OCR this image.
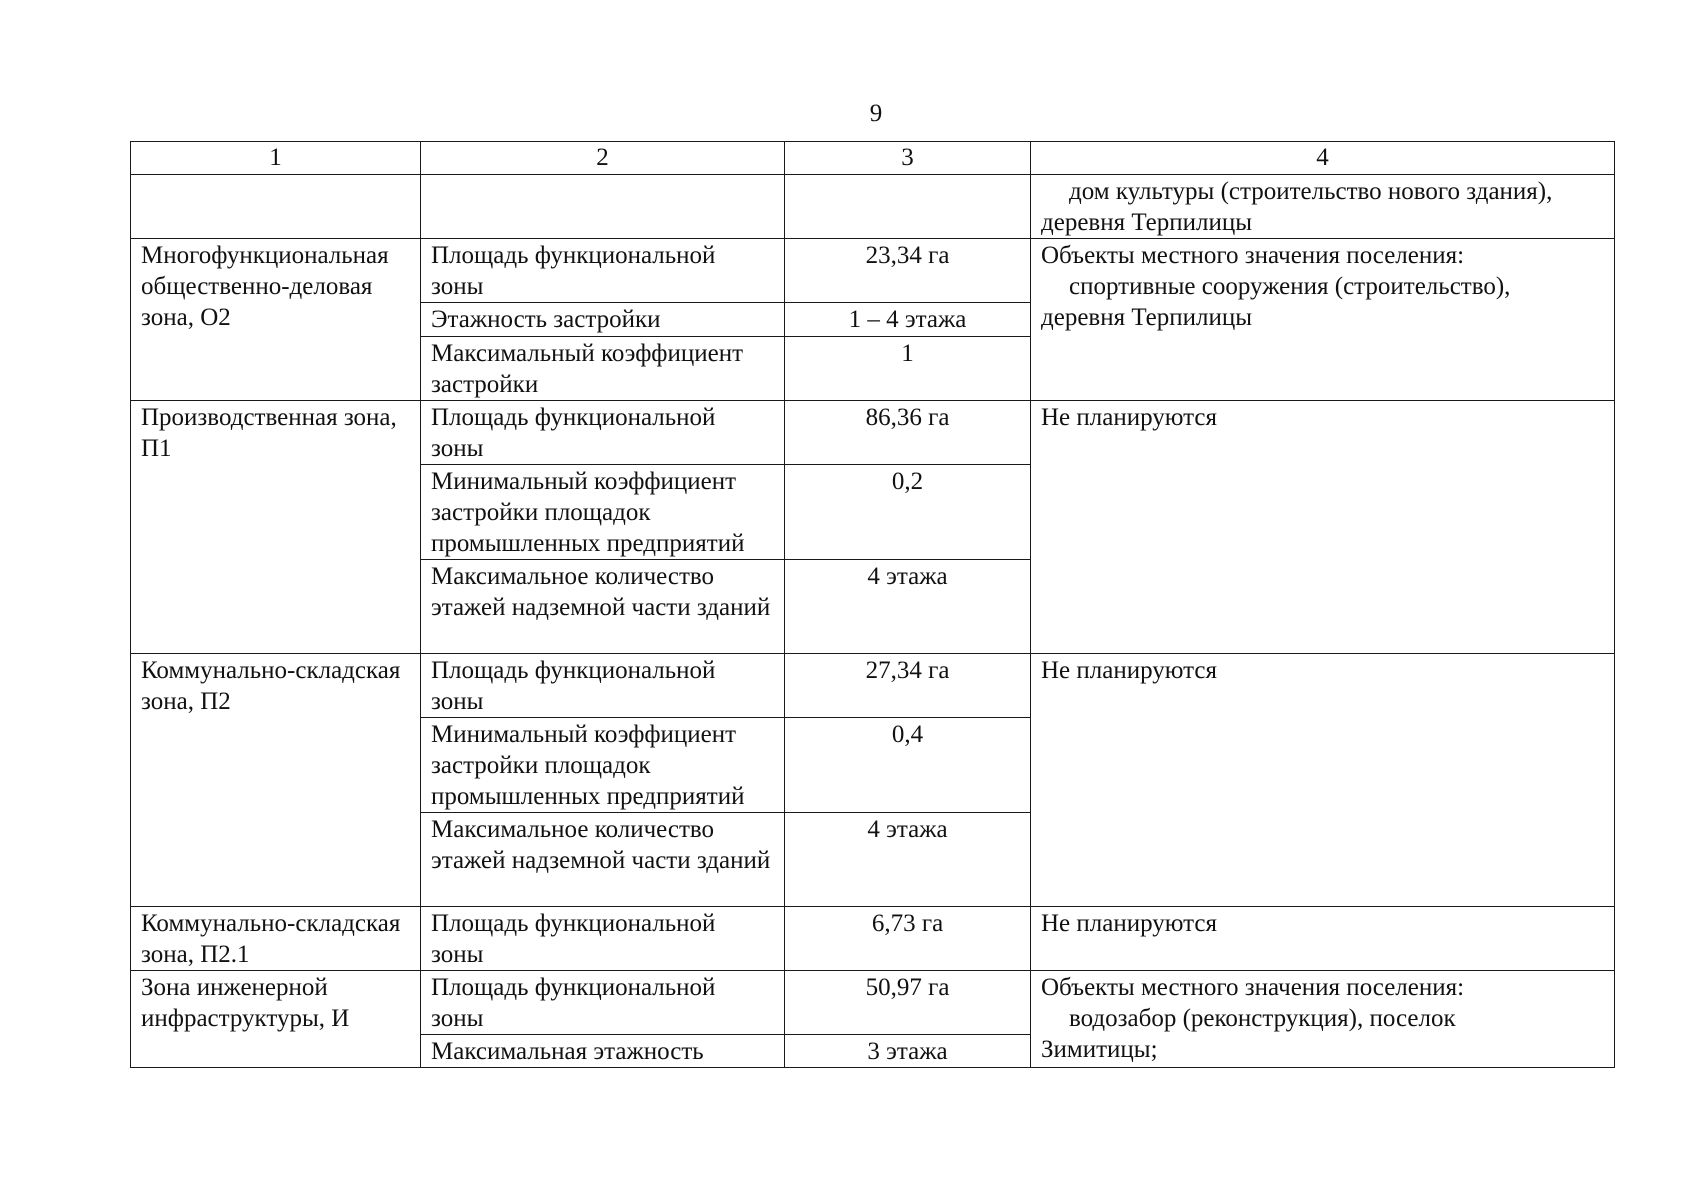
9
1	2	3	4

			дом культуры (строительство нового здания),
деревня Терпилицы
Многофункциональная общественно-деловая зона, О2	Площадь функциональной зоны	23,34 га	Объекты местного значения поселения:
спортивные сооружения (строительство),
деревня Терпилицы
	Этажность застройки	1 – 4 этажа	
	Максимальный коэффициент застройки	1	
Производственная зона, П1	Площадь функциональной зоны	86,36 га	Не планируются
	Минимальный коэффициент застройки площадок промышленных предприятий	0,2	
	Максимальное количество этажей надземной части зданий	4 этажа	
Коммунально-складская зона, П2	Площадь функциональной зоны	27,34 га	Не планируются
	Минимальный коэффициент застройки площадок промышленных предприятий	0,4	
	Максимальное количество этажей надземной части зданий	4 этажа	
Коммунально-складская зона, П2.1	Площадь функциональной зоны	6,73 га	Не планируются
Зона инженерной инфраструктуры, И	Площадь функциональной зоны	50,97 га	Объекты местного значения поселения:
водозабор (реконструкция), поселок
Зимитицы;
	Максимальная этажность	3 этажа	
